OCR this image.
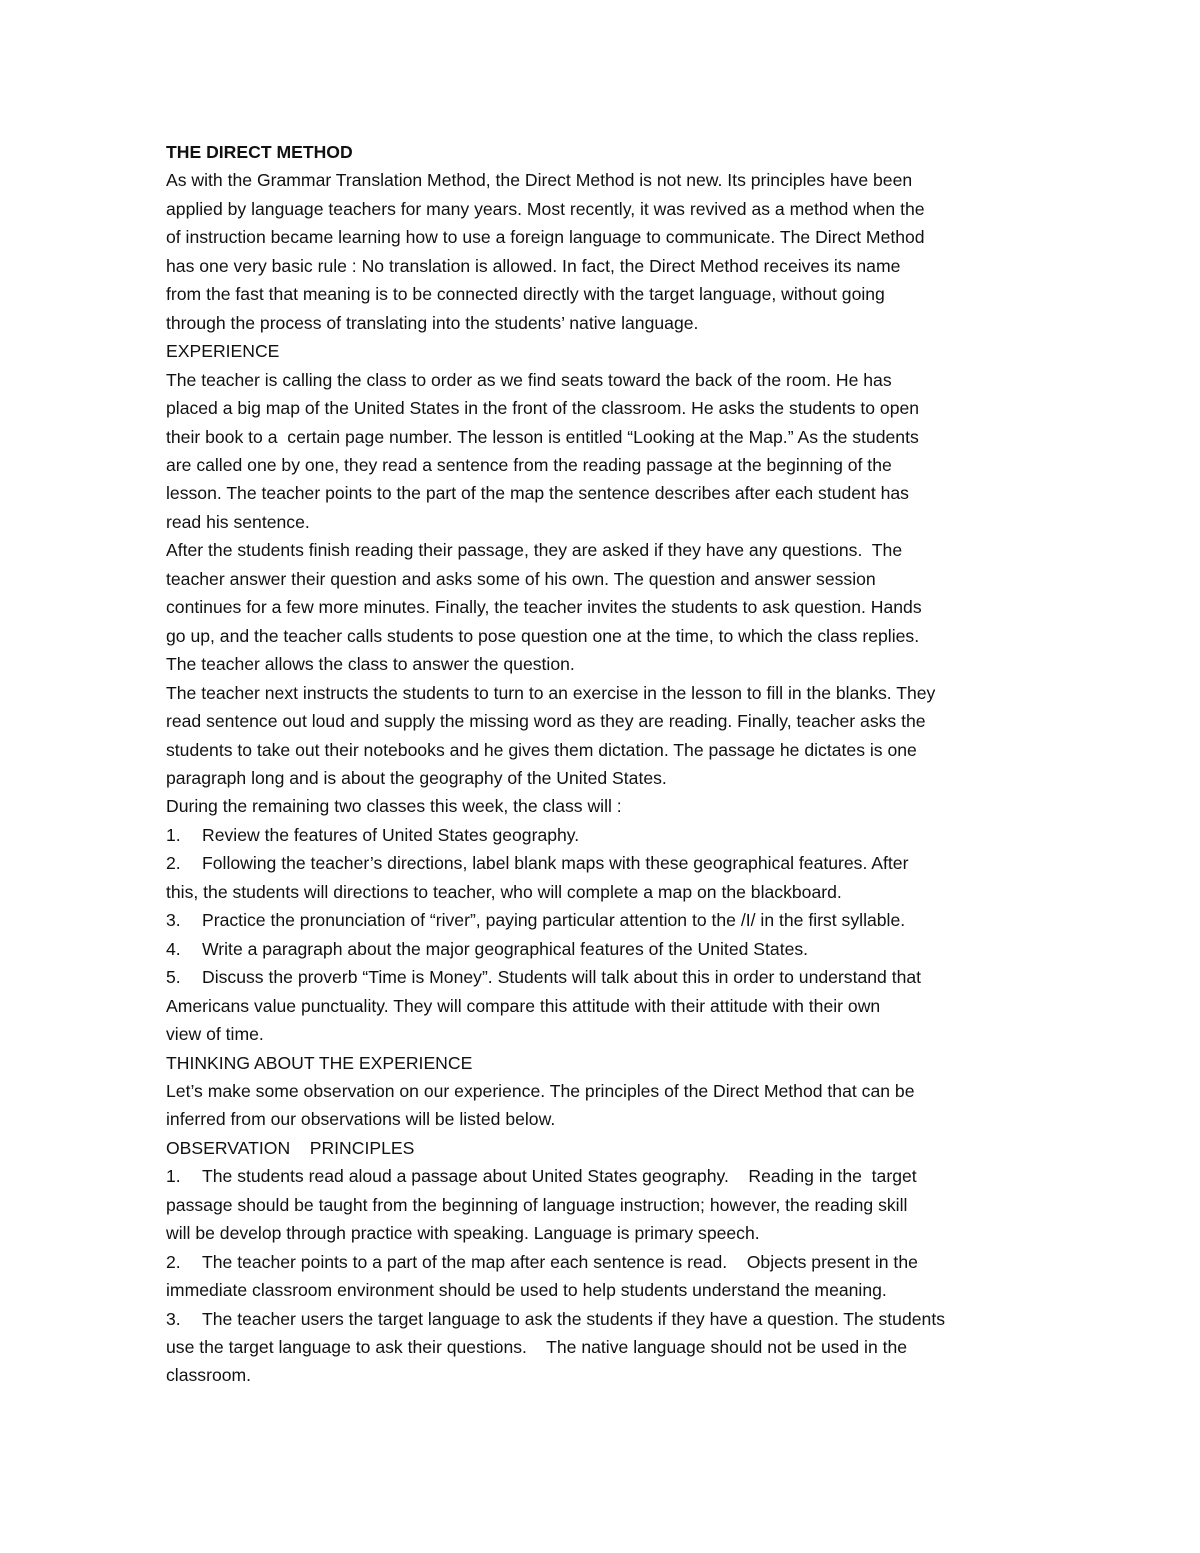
THE DIRECT METHOD
As with the Grammar Translation Method, the Direct Method is not new. Its principles have been
applied by language teachers for many years. Most recently, it was revived as a method when the
of instruction became learning how to use a foreign language to communicate. The Direct Method
has one very basic rule : No translation is allowed. In fact, the Direct Method receives its name
from the fast that meaning is to be connected directly with the target language, without going
through the process of translating into the students’ native language.
EXPERIENCE
The teacher is calling the class to order as we find seats toward the back of the room. He has
placed a big map of the United States in the front of the classroom. He asks the students to open
their book to a  certain page number. The lesson is entitled “Looking at the Map.” As the students
are called one by one, they read a sentence from the reading passage at the beginning of the
lesson. The teacher points to the part of the map the sentence describes after each student has
read his sentence.
After the students finish reading their passage, they are asked if they have any questions.  The
teacher answer their question and asks some of his own. The question and answer session
continues for a few more minutes. Finally, the teacher invites the students to ask question. Hands
go up, and the teacher calls students to pose question one at the time, to which the class replies.
The teacher allows the class to answer the question.
The teacher next instructs the students to turn to an exercise in the lesson to fill in the blanks. They
read sentence out loud and supply the missing word as they are reading. Finally, teacher asks the
students to take out their notebooks and he gives them dictation. The passage he dictates is one
paragraph long and is about the geography of the United States.
During the remaining two classes this week, the class will :
1. Review the features of United States geography.
2. Following the teacher’s directions, label blank maps with these geographical features. After
this, the students will directions to teacher, who will complete a map on the blackboard.
3. Practice the pronunciation of “river”, paying particular attention to the /I/ in the first syllable.
4. Write a paragraph about the major geographical features of the United States.
5. Discuss the proverb “Time is Money”. Students will talk about this in order to understand that
Americans value punctuality. They will compare this attitude with their attitude with their own
view of time.
THINKING ABOUT THE EXPERIENCE
Let’s make some observation on our experience. The principles of the Direct Method that can be
inferred from our observations will be listed below.
OBSERVATION    PRINCIPLES
1. The students read aloud a passage about United States geography.    Reading in the  target
passage should be taught from the beginning of language instruction; however, the reading skill
will be develop through practice with speaking. Language is primary speech.
2. The teacher points to a part of the map after each sentence is read.    Objects present in the
immediate classroom environment should be used to help students understand the meaning.
3. The teacher users the target language to ask the students if they have a question. The students
use the target language to ask their questions.    The native language should not be used in the
classroom.
